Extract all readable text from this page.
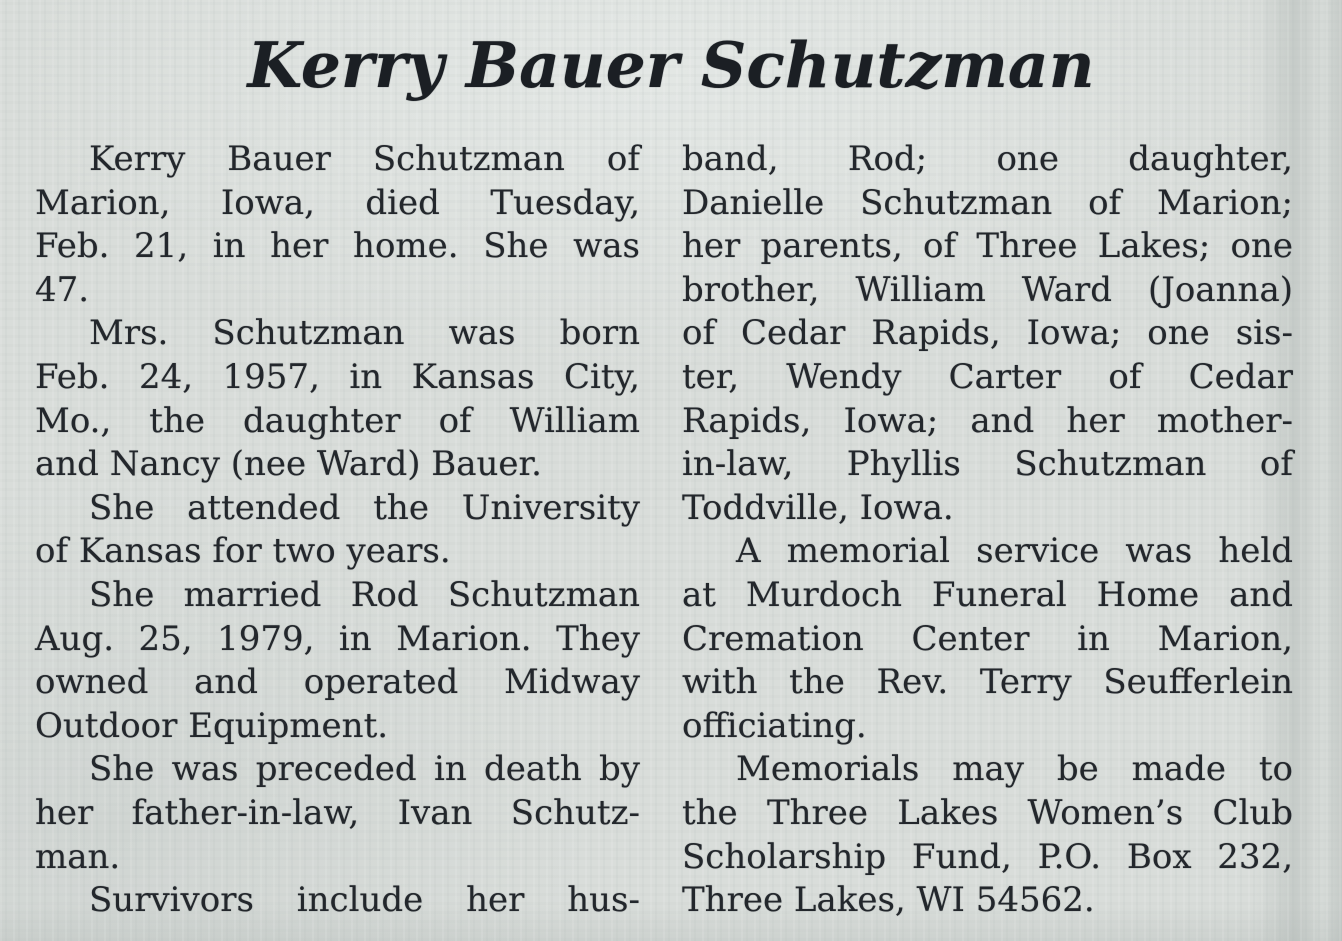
Kerry Bauer Schutzman
Kerry Bauer Schutzman of
Marion, Iowa, died Tuesday,
Feb. 21, in her home. She was
47.
Mrs. Schutzman was born
Feb. 24, 1957, in Kansas City,
Mo., the daughter of William
and Nancy (nee Ward) Bauer.
She attended the University
of Kansas for two years.
She married Rod Schutzman
Aug. 25, 1979, in Marion. They
owned and operated Midway
Outdoor Equipment.
She was preceded in death by
her father-in-law, Ivan Schutz-
man.
Survivors include her hus-
band, Rod; one daughter,
Danielle Schutzman of Marion;
her parents, of Three Lakes; one
brother, William Ward (Joanna)
of Cedar Rapids, Iowa; one sis-
ter, Wendy Carter of Cedar
Rapids, Iowa; and her mother-
in-law, Phyllis Schutzman of
Toddville, Iowa.
A memorial service was held
at Murdoch Funeral Home and
Cremation Center in Marion,
with the Rev. Terry Seufferlein
officiating.
Memorials may be made to
the Three Lakes Women’s Club
Scholarship Fund, P.O. Box 232,
Three Lakes, WI 54562.
